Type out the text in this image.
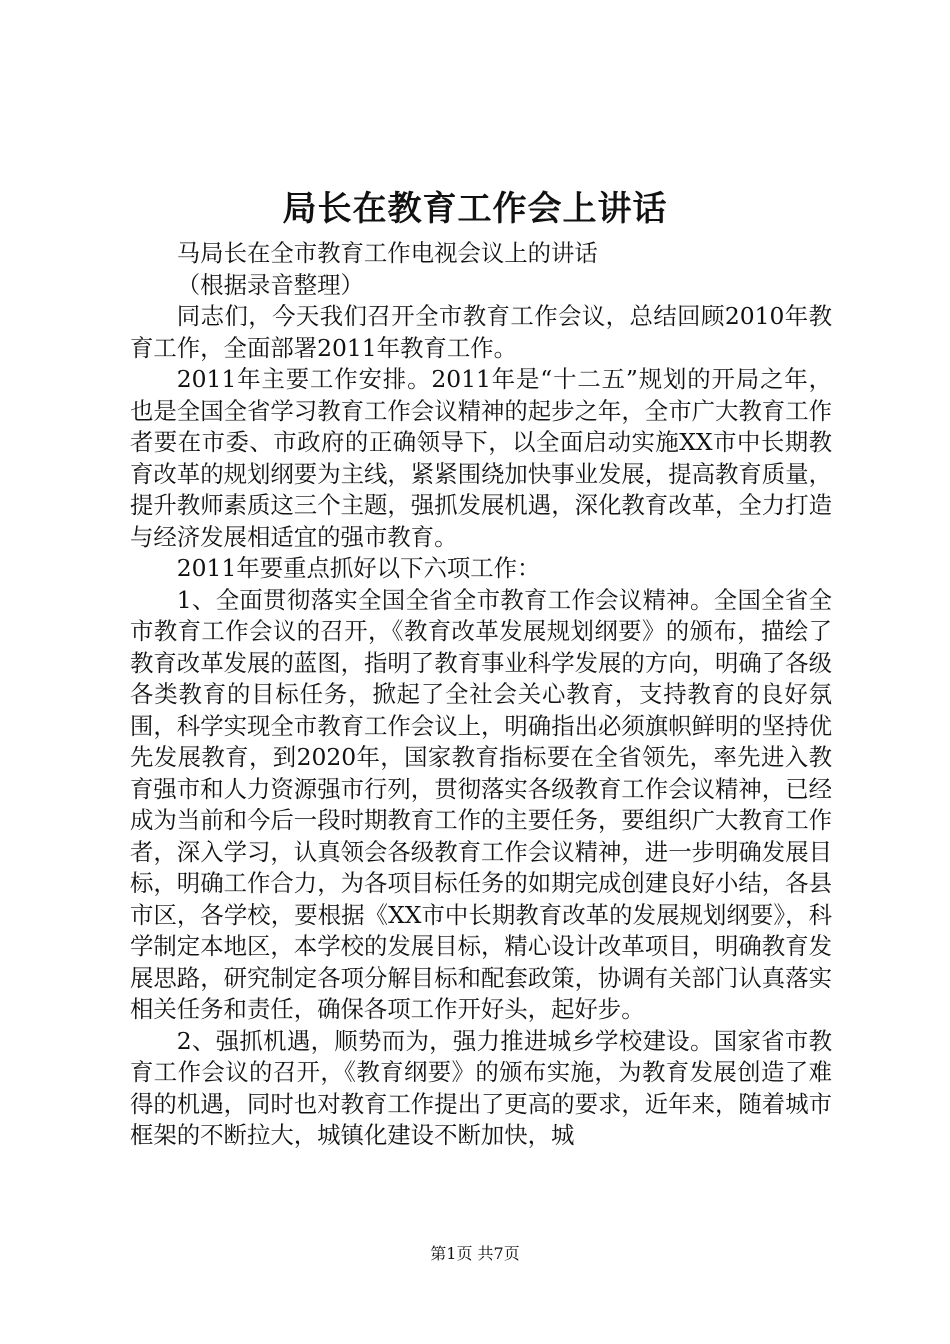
局长在教育工作会上讲话

马局长在全市教育工作电视会议上的讲话

（根据录音整理）

同志们，今天我们召开全市教育工作会议，总结回顾2010年教育工作，全面部署2011年教育工作。

2011年主要工作安排。2011年是“十二五”规划的开局之年，也是全国全省学习教育工作会议精神的起步之年，全市广大教育工作者要在市委、市政府的正确领导下，以全面启动实施XX市中长期教育改革的规划纲要为主线，紧紧围绕加快事业发展，提高教育质量，提升教师素质这三个主题，强抓发展机遇，深化教育改革，全力打造与经济发展相适宜的强市教育。

2011年要重点抓好以下六项工作：

1、全面贯彻落实全国全省全市教育工作会议精神。全国全省全市教育工作会议的召开，《教育改革发展规划纲要》的颁布，描绘了教育改革发展的蓝图，指明了教育事业科学发展的方向，明确了各级各类教育的目标任务，掀起了全社会关心教育，支持教育的良好氛围，科学实现全市教育工作会议上，明确指出必须旗帜鲜明的坚持优先发展教育，到2020年，国家教育指标要在全省领先，率先进入教育强市和人力资源强市行列，贯彻落实各级教育工作会议精神，已经成为当前和今后一段时期教育工作的主要任务，要组织广大教育工作者，深入学习，认真领会各级教育工作会议精神，进一步明确发展目标，明确工作合力，为各项目标任务的如期完成创建良好小结，各县市区，各学校，要根据《XX市中长期教育改革的发展规划纲要》，科学制定本地区，本学校的发展目标，精心设计改革项目，明确教育发展思路，研究制定各项分解目标和配套政策，协调有关部门认真落实相关任务和责任，确保各项工作开好头，起好步。

2、强抓机遇，顺势而为，强力推进城乡学校建设。国家省市教育工作会议的召开，《教育纲要》的颁布实施，为教育发展创造了难得的机遇，同时也对教育工作提出了更高的要求，近年来，随着城市框架的不断拉大，城镇化建设不断加快，城

第1页 共7页
